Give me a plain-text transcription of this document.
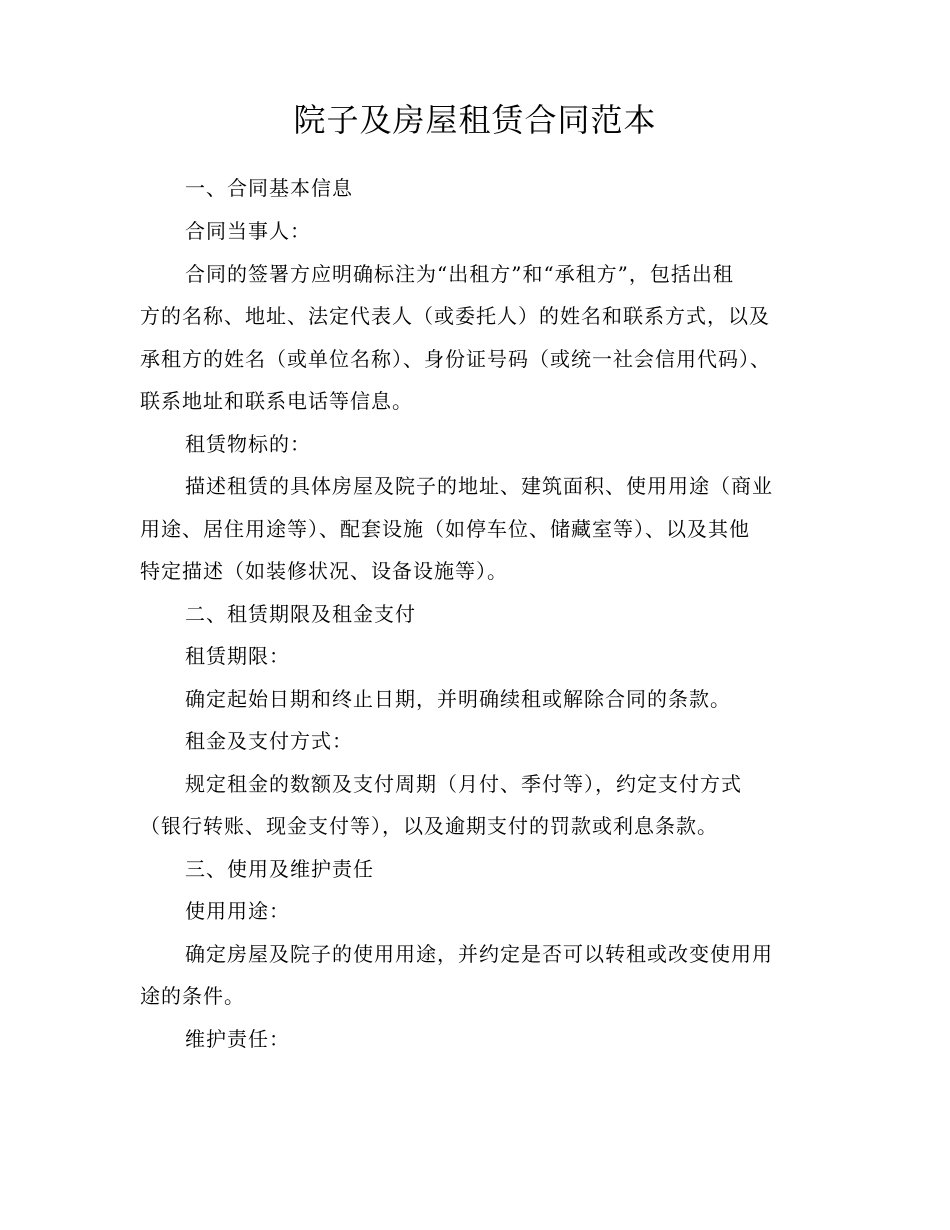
院子及房屋租赁合同范本
一、合同基本信息
合同当事人：
合同的签署方应明确标注为“出租方”和“承租方”，包括出租
方的名称、地址、法定代表人（或委托人）的姓名和联系方式，以及
承租方的姓名（或单位名称）、身份证号码（或统一社会信用代码）、
联系地址和联系电话等信息。
租赁物标的：
描述租赁的具体房屋及院子的地址、建筑面积、使用用途（商业
用途、居住用途等）、配套设施（如停车位、储藏室等）、以及其他
特定描述（如装修状况、设备设施等）。
二、租赁期限及租金支付
租赁期限：
确定起始日期和终止日期，并明确续租或解除合同的条款。
租金及支付方式：
规定租金的数额及支付周期（月付、季付等），约定支付方式
（银行转账、现金支付等），以及逾期支付的罚款或利息条款。
三、使用及维护责任
使用用途：
确定房屋及院子的使用用途，并约定是否可以转租或改变使用用
途的条件。
维护责任：
